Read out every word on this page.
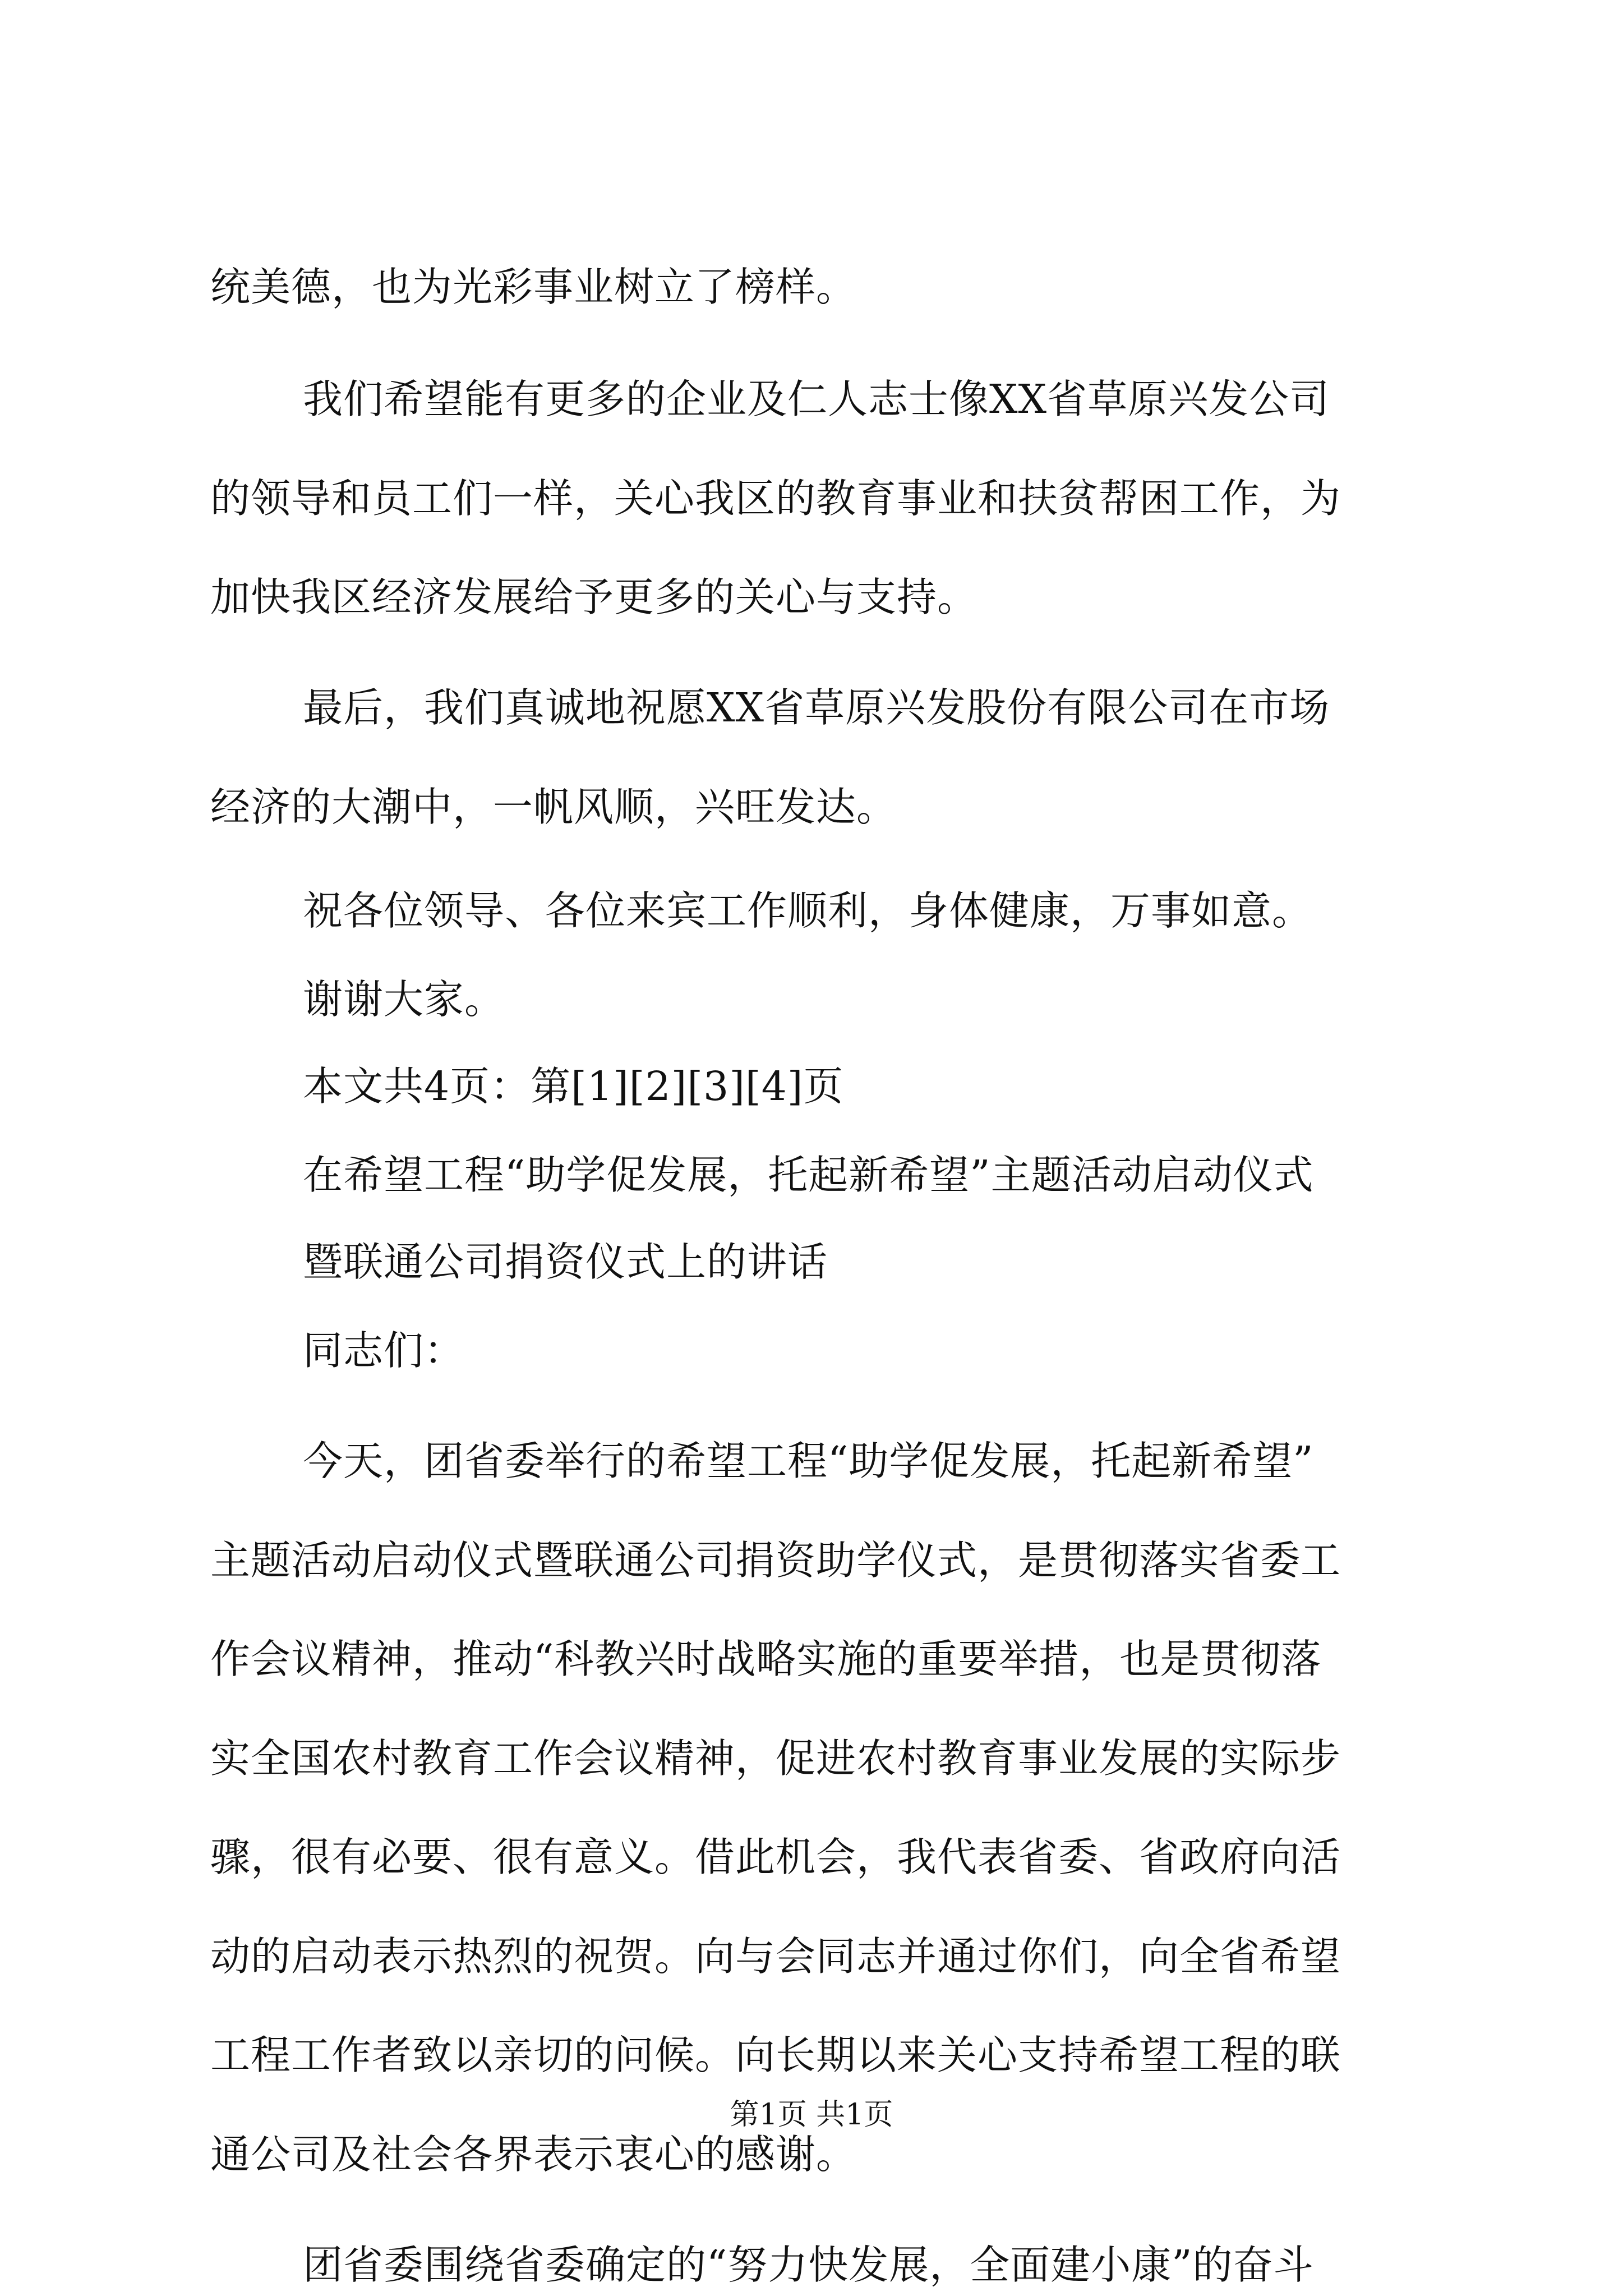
统美德，也为光彩事业树立了榜样。
我们希望能有更多的企业及仁人志士像XX省草原兴发公司
的领导和员工们一样，关心我区的教育事业和扶贫帮困工作，为
加快我区经济发展给予更多的关心与支持。
最后，我们真诚地祝愿XX省草原兴发股份有限公司在市场
经济的大潮中，一帆风顺，兴旺发达。
祝各位领导、各位来宾工作顺利，身体健康，万事如意。
谢谢大家。
本文共4页：第[1][2][3][4]页
在希望工程“助学促发展，托起新希望”主题活动启动仪式
暨联通公司捐资仪式上的讲话
同志们：
今天，团省委举行的希望工程“助学促发展，托起新希望”
主题活动启动仪式暨联通公司捐资助学仪式，是贯彻落实省委工
作会议精神，推动“科教兴时战略实施的重要举措，也是贯彻落
实全国农村教育工作会议精神，促进农村教育事业发展的实际步
骤，很有必要、很有意义。借此机会，我代表省委、省政府向活
动的启动表示热烈的祝贺。向与会同志并通过你们，向全省希望
工程工作者致以亲切的问候。向长期以来关心支持希望工程的联
通公司及社会各界表示衷心的感谢。
团省委围绕省委确定的“努力快发展，全面建小康”的奋斗
第1页 共1页
